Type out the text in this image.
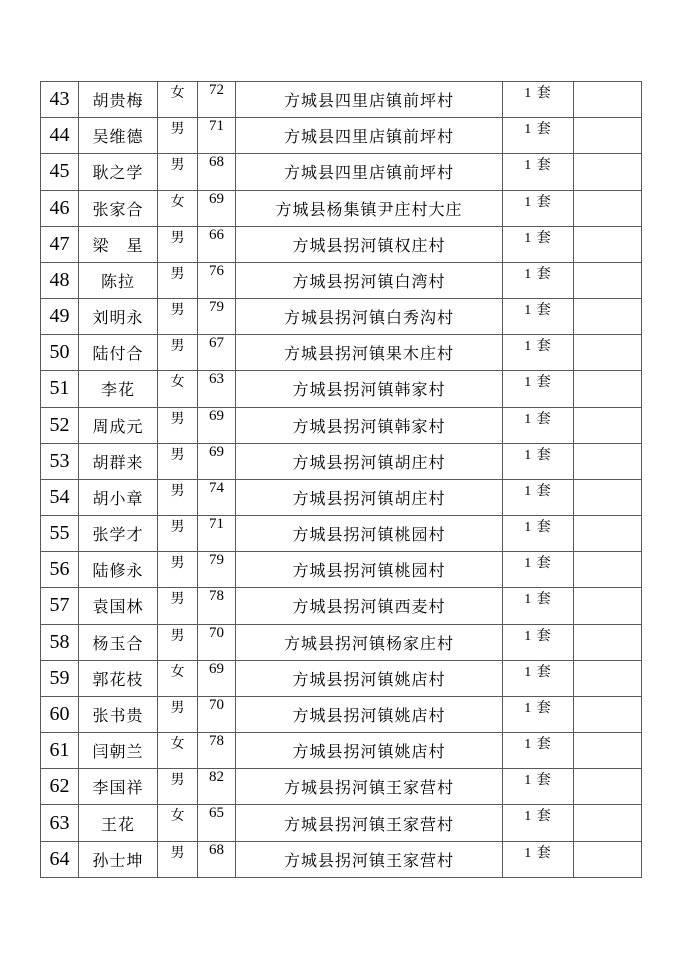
43	胡贵梅	女	72	方城县四里店镇前坪村	1 套	
44	吴维德	男	71	方城县四里店镇前坪村	1 套	
45	耿之学	男	68	方城县四里店镇前坪村	1 套	
46	张家合	女	69	方城县杨集镇尹庄村大庄	1 套	
47	梁　星	男	66	方城县拐河镇权庄村	1 套	
48	陈拉	男	76	方城县拐河镇白湾村	1 套	
49	刘明永	男	79	方城县拐河镇白秀沟村	1 套	
50	陆付合	男	67	方城县拐河镇果木庄村	1 套	
51	李花	女	63	方城县拐河镇韩家村	1 套	
52	周成元	男	69	方城县拐河镇韩家村	1 套	
53	胡群来	男	69	方城县拐河镇胡庄村	1 套	
54	胡小章	男	74	方城县拐河镇胡庄村	1 套	
55	张学才	男	71	方城县拐河镇桃园村	1 套	
56	陆修永	男	79	方城县拐河镇桃园村	1 套	
57	袁国林	男	78	方城县拐河镇西麦村	1 套	
58	杨玉合	男	70	方城县拐河镇杨家庄村	1 套	
59	郭花枝	女	69	方城县拐河镇姚店村	1 套	
60	张书贵	男	70	方城县拐河镇姚店村	1 套	
61	闫朝兰	女	78	方城县拐河镇姚店村	1 套	
62	李国祥	男	82	方城县拐河镇王家营村	1 套	
63	王花	女	65	方城县拐河镇王家营村	1 套	
64	孙士坤	男	68	方城县拐河镇王家营村	1 套	
